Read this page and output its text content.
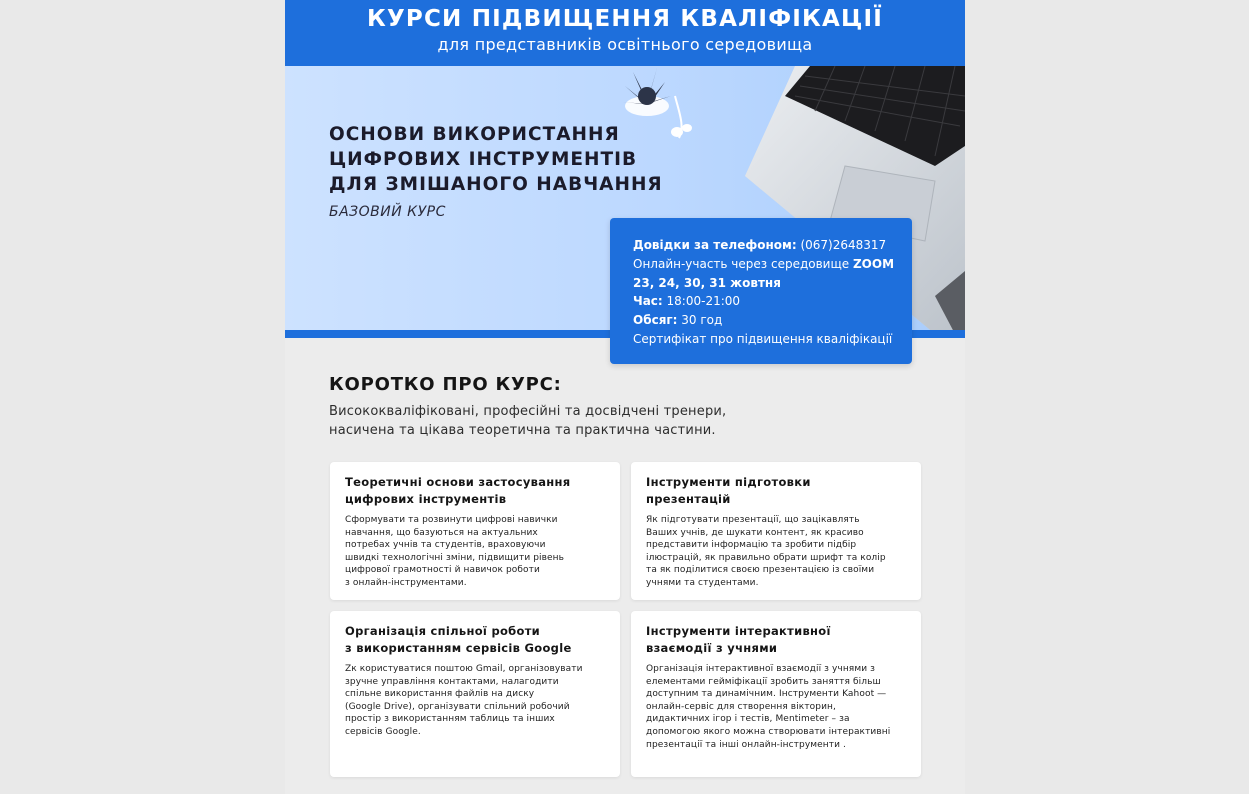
КУРСИ ПІДВИЩЕННЯ КВАЛІФІКАЦІЇ
для представників освітнього середовища
ОСНОВИ ВИКОРИСТАННЯ
ЦИФРОВИХ ІНСТРУМЕНТІВ
ДЛЯ ЗМІШАНОГО НАВЧАННЯ
БАЗОВИЙ КУРС
Довідки за телефоном: (067)2648317
Онлайн-участь через середовище ZOOM
23, 24, 30, 31 жовтня
Час: 18:00-21:00
Обсяг: 30 год
Сертифікат про підвищення кваліфікації
КОРОТКО ПРО КУРС:
Висококваліфіковані, професійні та досвідчені тренери,
насичена та цікава теоретична та практична частини.
Теоретичні основи застосування
цифрових інструментів
Сформувати та розвинути цифрові навички
навчання, що базуються на актуальних
потребах учнів та студентів, враховуючи
швидкі технологічні зміни, підвищити рівень
цифрової грамотності й навичок роботи
з онлайн-інструментами.
Інструменти підготовки
презентацій
Як підготувати презентації, що зацікавлять
Ваших учнів, де шукати контент, як красиво
представити інформацію та зробити підбір
ілюстрацій, як правильно обрати шрифт та колір
та як поділитися своєю презентацією із своїми
учнями та студентами.
Організація спільної роботи
з використанням сервісів Google
Zк користуватися поштою Gmail, організовувати
зручне управління контактами, налагодити
спільне використання файлів на диску
(Google Drive), організувати спільний робочий
простір з використанням таблиць та інших
сервісів Google.
Інструменти інтерактивної
взаємодії з учнями
Організація інтерактивної взаємодії з учнями з
елементами гейміфікації зробить заняття більш
доступним та динамічним. Інструменти Kahoot —
онлайн-сервіс для створення вікторин,
дидактичних ігор і тестів, Mentimeter – за
допомогою якого можна створювати інтерактивні
презентації та інші онлайн-інструменти .
